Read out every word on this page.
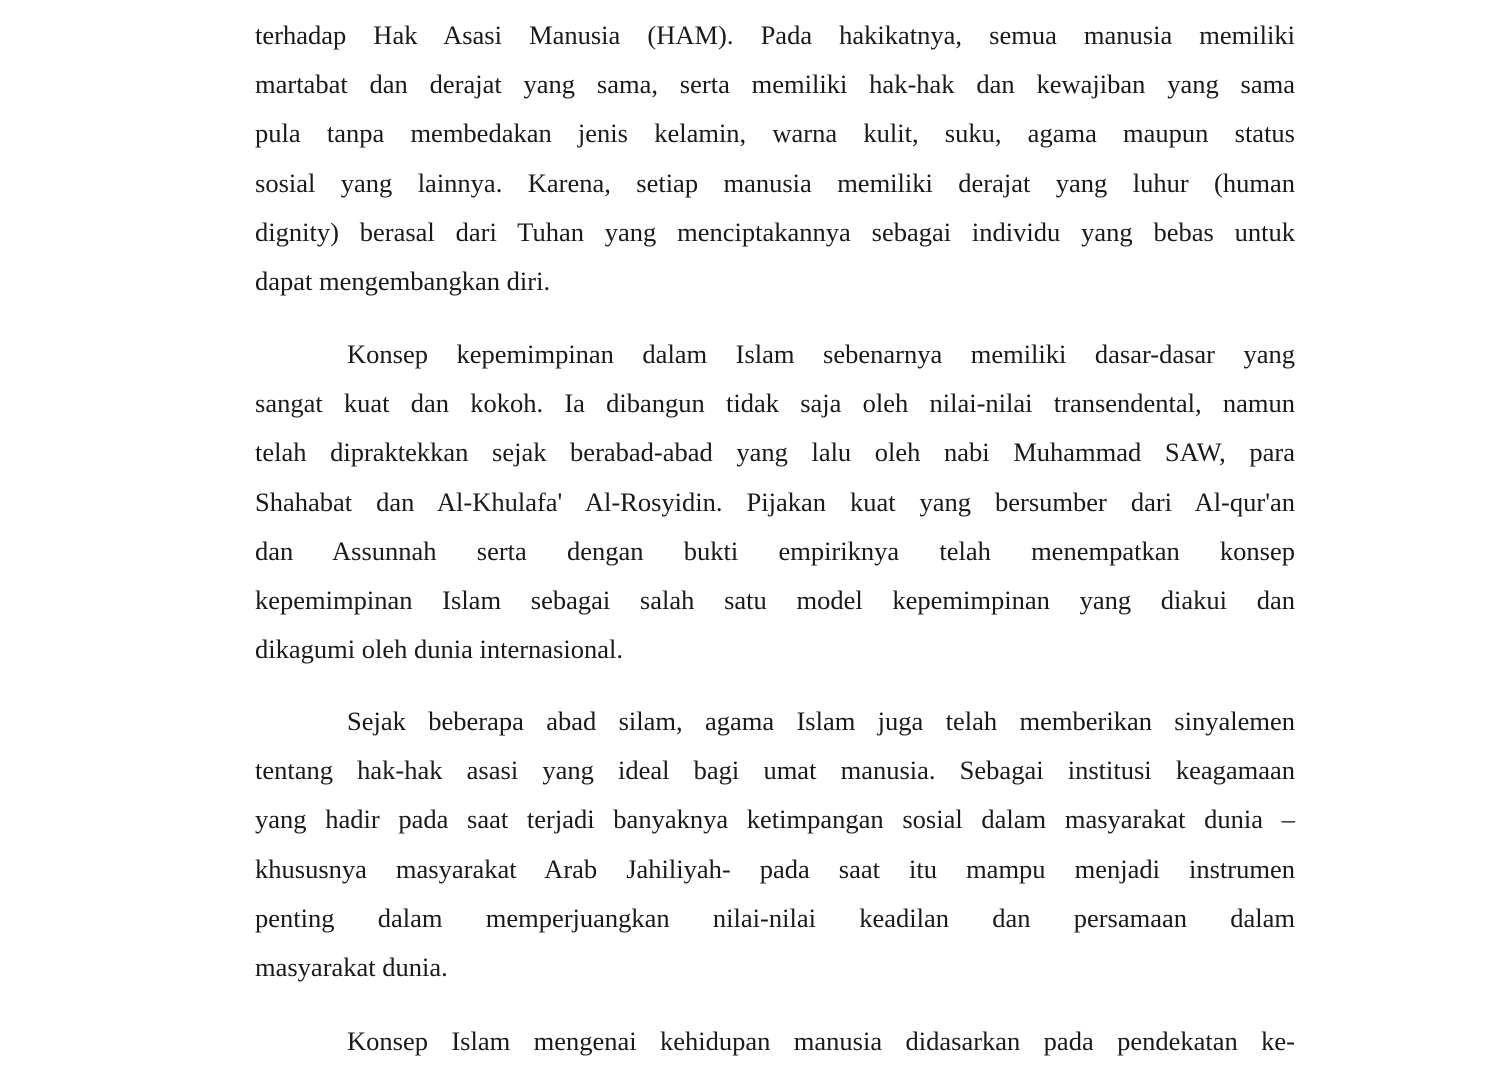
terhadap Hak Asasi Manusia (HAM). Pada hakikatnya, semua manusia memiliki
martabat dan derajat yang sama, serta memiliki hak-hak dan kewajiban yang sama
pula tanpa membedakan jenis kelamin, warna kulit, suku, agama maupun status
sosial yang lainnya. Karena, setiap manusia memiliki derajat yang luhur (human
dignity) berasal dari Tuhan yang menciptakannya sebagai individu yang bebas untuk
dapat mengembangkan diri.
Konsep kepemimpinan dalam Islam sebenarnya memiliki dasar-dasar yang
sangat kuat dan kokoh. Ia dibangun tidak saja oleh nilai-nilai transendental, namun
telah dipraktekkan sejak berabad-abad yang lalu oleh nabi Muhammad SAW, para
Shahabat dan Al-Khulafa' Al-Rosyidin. Pijakan kuat yang bersumber dari Al-qur'an
dan Assunnah serta dengan bukti empiriknya telah menempatkan konsep
kepemimpinan Islam sebagai salah satu model kepemimpinan yang diakui dan
dikagumi oleh dunia internasional.
Sejak beberapa abad silam, agama Islam juga telah memberikan sinyalemen
tentang hak-hak asasi yang ideal bagi umat manusia. Sebagai institusi keagamaan
yang hadir pada saat terjadi banyaknya ketimpangan sosial dalam masyarakat dunia –
khususnya masyarakat Arab Jahiliyah- pada saat itu mampu menjadi instrumen
penting dalam memperjuangkan nilai-nilai keadilan dan persamaan dalam
masyarakat dunia.
Konsep Islam mengenai kehidupan manusia didasarkan pada pendekatan ke-
